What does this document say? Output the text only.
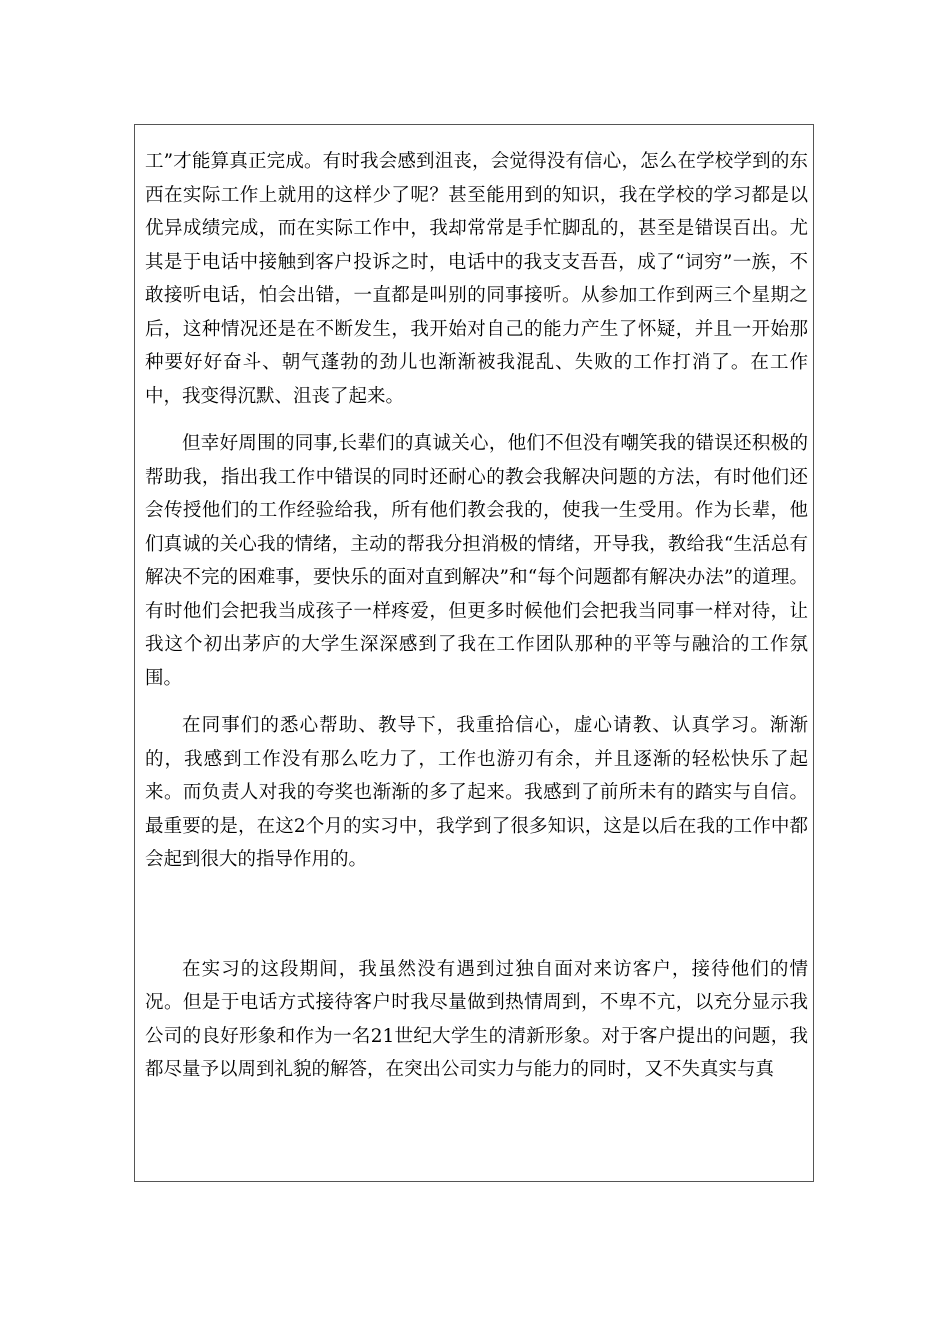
工”才能算真正完成。有时我会感到沮丧，会觉得没有信心，怎么在学校学到的东西在实际工作上就用的这样少了呢？甚至能用到的知识，我在学校的学习都是以优异成绩完成，而在实际工作中，我却常常是手忙脚乱的，甚至是错误百出。尤其是于电话中接触到客户投诉之时，电话中的我支支吾吾，成了“词穷”一族，不敢接听电话，怕会出错，一直都是叫别的同事接听。从参加工作到两三个星期之后，这种情况还是在不断发生，我开始对自己的能力产生了怀疑，并且一开始那种要好好奋斗、朝气蓬勃的劲儿也渐渐被我混乱、失败的工作打消了。在工作中，我变得沉默、沮丧了起来。

但幸好周围的同事,长辈们的真诚关心，他们不但没有嘲笑我的错误还积极的帮助我，指出我工作中错误的同时还耐心的教会我解决问题的方法，有时他们还会传授他们的工作经验给我，所有他们教会我的，使我一生受用。作为长辈，他们真诚的关心我的情绪，主动的帮我分担消极的情绪，开导我，教给我“生活总有解决不完的困难事，要快乐的面对直到解决”和“每个问题都有解决办法”的道理。有时他们会把我当成孩子一样疼爱，但更多时候他们会把我当同事一样对待，让我这个初出茅庐的大学生深深感到了我在工作团队那种的平等与融洽的工作氛围。

在同事们的悉心帮助、教导下，我重拾信心，虚心请教、认真学习。渐渐的，我感到工作没有那么吃力了，工作也游刃有余，并且逐渐的轻松快乐了起来。而负责人对我的夸奖也渐渐的多了起来。我感到了前所未有的踏实与自信。最重要的是，在这2个月的实习中，我学到了很多知识，这是以后在我的工作中都会起到很大的指导作用的。

在实习的这段期间，我虽然没有遇到过独自面对来访客户，接待他们的情况。但是于电话方式接待客户时我尽量做到热情周到，不卑不亢，以充分显示我公司的良好形象和作为一名21世纪大学生的清新形象。对于客户提出的问题，我都尽量予以周到礼貌的解答，在突出公司实力与能力的同时，又不失真实与真
